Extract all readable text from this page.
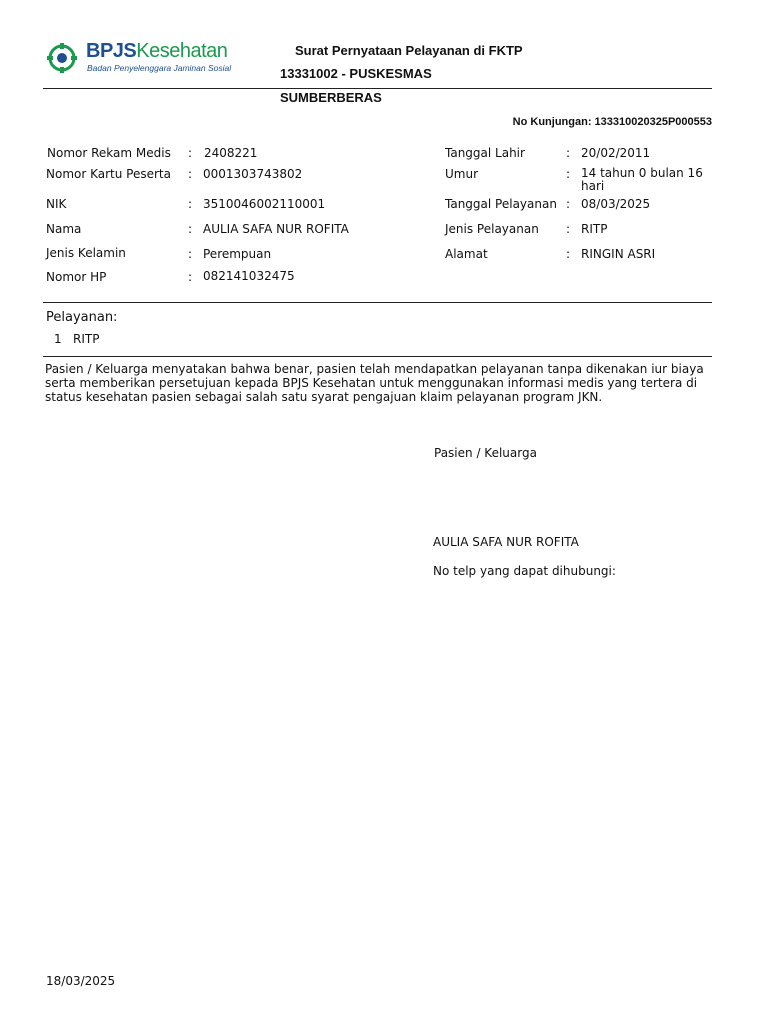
BPJSKesehatan
Badan Penyelenggara Jaminan Sosial
Surat Pernyataan Pelayanan di FKTP
13331002 - PUSKESMAS
SUMBERBERAS
No Kunjungan: 133310020325P000553
Nomor Rekam Medis : 2408221
Nomor Kartu Peserta : 0001303743802
NIK	: 3510046002110001
Nama	: AULIA SAFA NUR ROFITA
Jenis Kelamin	: Perempuan
Nomor HP	: 082141032475
Tanggal Lahir	: 20/02/2011
Umur	: 14 tahun 0 bulan 16 hari
Tanggal Pelayanan : 08/03/2025
Jenis Pelayanan : RITP
Alamat	: RINGIN ASRI
Pelayanan:
1 RITP
Pasien / Keluarga menyatakan bahwa benar, pasien telah mendapatkan pelayanan tanpa dikenakan iur biaya serta memberikan persetujuan kepada BPJS Kesehatan untuk menggunakan informasi medis yang tertera di status kesehatan pasien sebagai salah satu syarat pengajuan klaim pelayanan program JKN.
Pasien / Keluarga
AULIA SAFA NUR ROFITA
No telp yang dapat dihubungi:
18/03/2025
